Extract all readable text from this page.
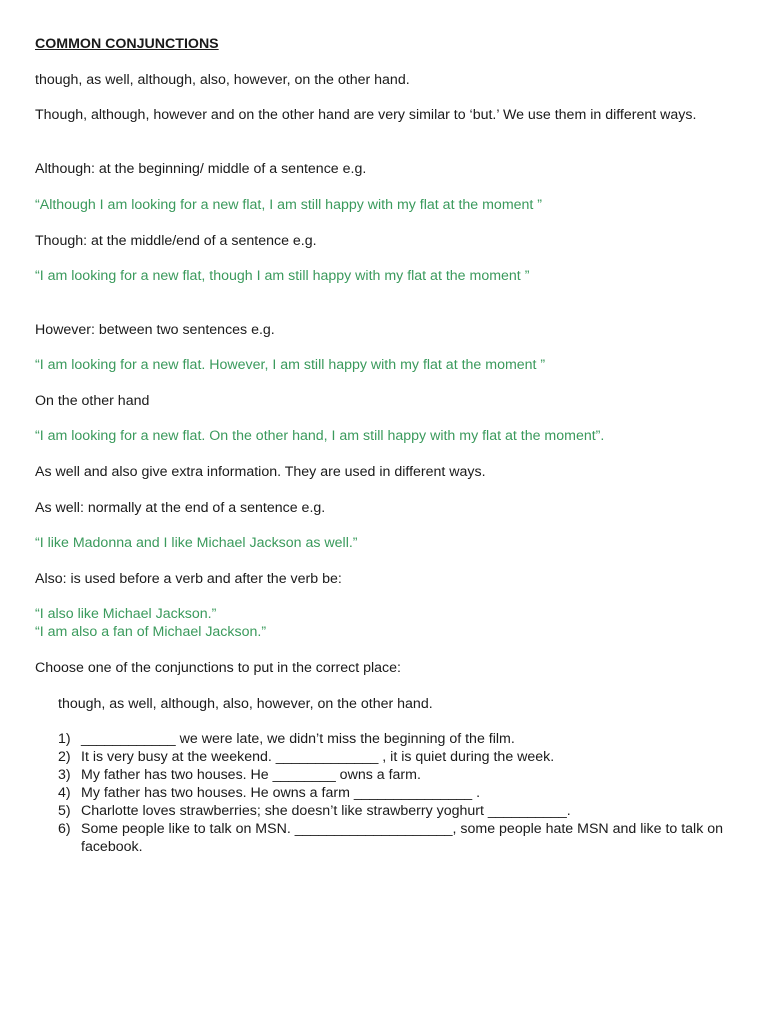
COMMON CONJUNCTIONS

though, as well, although, also, however, on the other hand.

Though, although, however and on the other hand are very similar to ‘but.’ We use them in different ways.

Although: at the beginning/ middle of a sentence e.g.

“Although I am looking for a new flat, I am still happy with my flat at the moment ”

Though: at the middle/end of a sentence e.g.

“I am looking for a new flat, though I am still happy with my flat at the moment ”

However: between two sentences e.g.

“I am looking for a new flat. However, I am still happy with my flat at the moment ”

On the other hand

“I am looking for a new flat. On the other hand, I am still happy with my flat at the moment”.

As well and also give extra information. They are used in different ways.

As well: normally at the end of a sentence e.g.

“I like Madonna and I like Michael Jackson as well.”

Also: is used before a verb and after the verb be:

“I also like Michael Jackson.”

“I am also a fan of Michael Jackson.”

Choose one of the conjunctions to put in the correct place:

though, as well, although, also, however, on the other hand.

1) ____________ we were late, we didn’t miss the beginning of the film.
2) It is very busy at the weekend. _____________ , it is quiet during the week.
3) My father has two houses. He ________ owns a farm.
4) My father has two houses. He owns a farm _______________ .
5) Charlotte loves strawberries; she doesn’t like strawberry yoghurt __________.
6) Some people like to talk on MSN. ____________________, some people hate MSN and like to talk on facebook.
